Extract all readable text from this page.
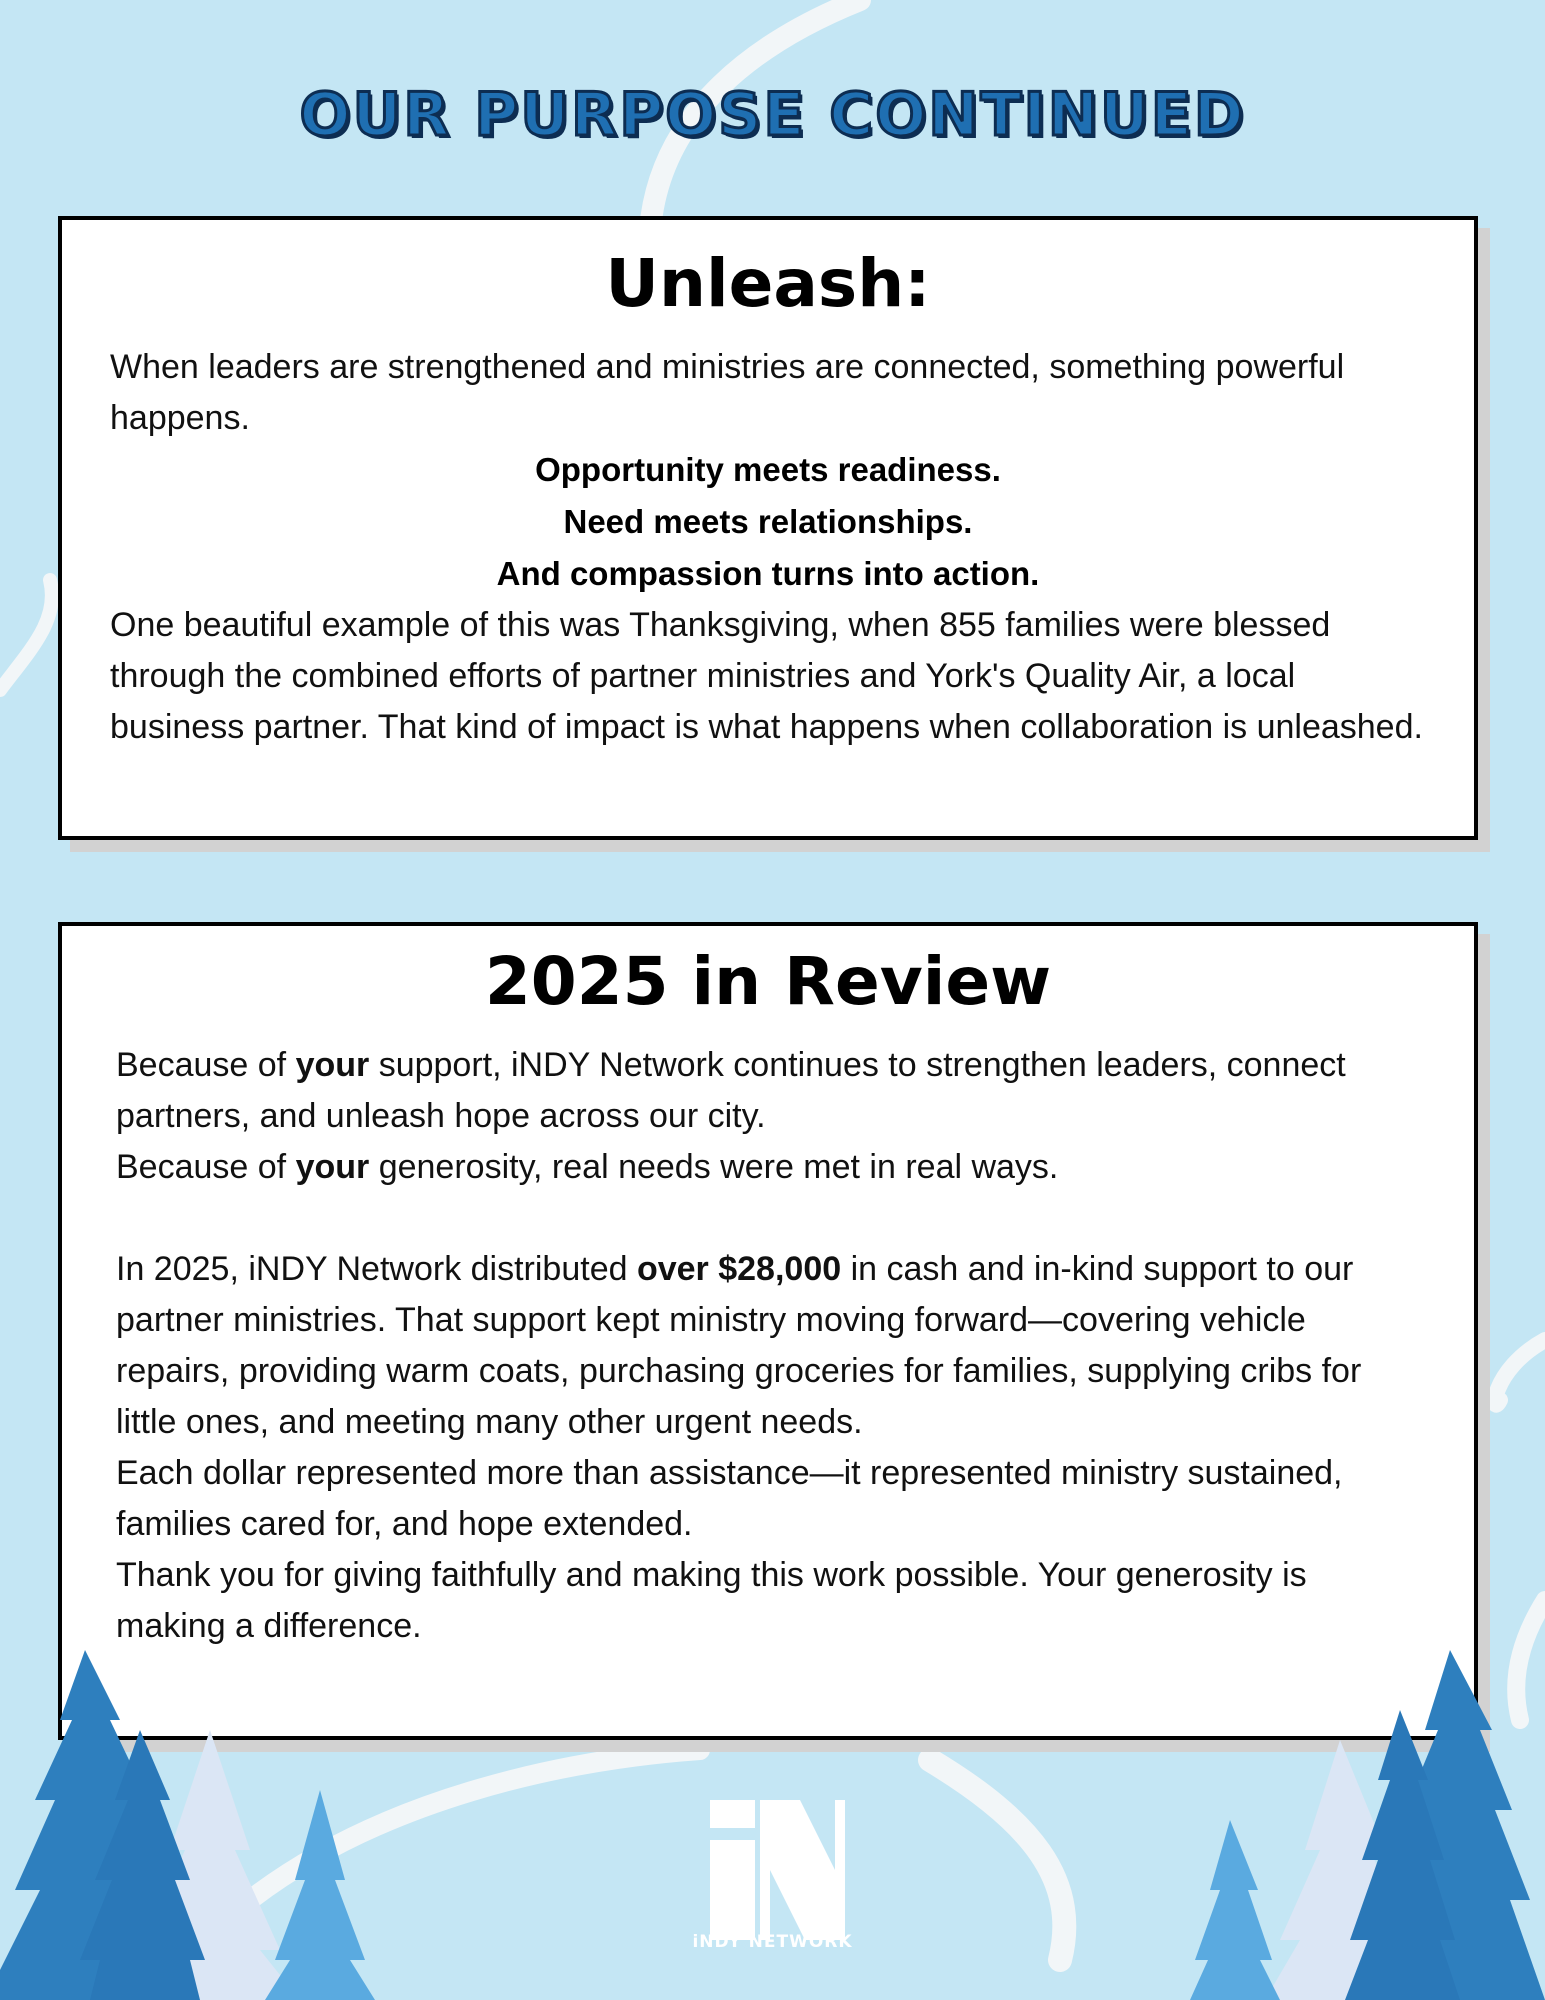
OUR PURPOSE CONTINUED
Unleash:

When leaders are strengthened and ministries are connected, something powerful happens.

Opportunity meets readiness.
Need meets relationships.
And compassion turns into action.

One beautiful example of this was Thanksgiving, when 855 families were blessed through the combined efforts of partner ministries and York's Quality Air, a local business partner. That kind of impact is what happens when collaboration is unleashed.

2025 in Review

Because of your support, iNDY Network continues to strengthen leaders, connect partners, and unleash hope across our city.

Because of your generosity, real needs were met in real ways.

In 2025, iNDY Network distributed over $28,000 in cash and in-kind support to our partner ministries. That support kept ministry moving forward—covering vehicle repairs, providing warm coats, purchasing groceries for families, supplying cribs for little ones, and meeting many other urgent needs.

Each dollar represented more than assistance—it represented ministry sustained, families cared for, and hope extended.

Thank you for giving faithfully and making this work possible. Your generosity is making a difference.

iNDY NETWORK
